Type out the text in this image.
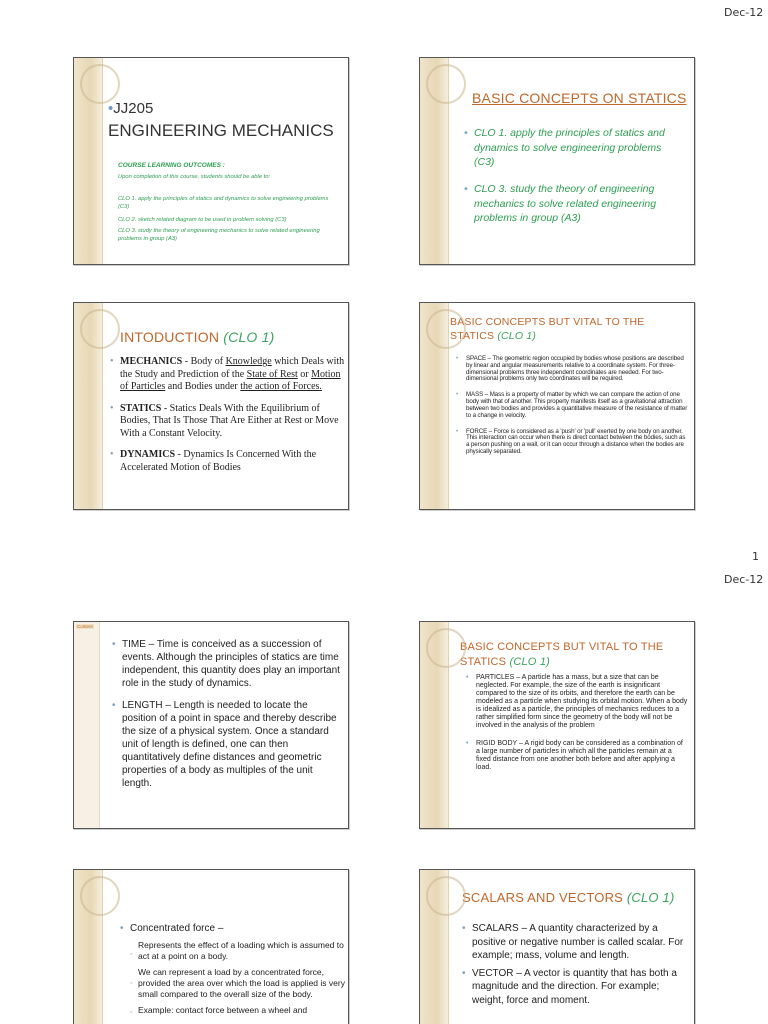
Dec-12
1
Dec-12
•JJ205
ENGINEERING MECHANICS
COURSE LEARNING OUTCOMES :
Upon completion of this course, students should be able to:
CLO 1. apply the principles of statics and dynamics to solve engineering problems (C3)
CLO 2. sketch related diagram to be used in problem solving (C3)
CLO 3. study the theory of engineering mechanics to solve related engineering problems in group (A3)
BASIC CONCEPTS ON STATICS
• CLO 1. apply the principles of statics and dynamics to solve engineering problems (C3)
• CLO 3. study the theory of engineering mechanics to solve related engineering problems in group (A3)
INTODUCTION (CLO 1)
• MECHANICS - Body of Knowledge which Deals with the Study and Prediction of the State of Rest or Motion of Particles and Bodies under the action of Forces.
• STATICS - Statics Deals With the Equilibrium of Bodies, That Is Those That Are Either at Rest or Move With a Constant Velocity.
• DYNAMICS - Dynamics Is Concerned With the Accelerated Motion of Bodies
BASIC CONCEPTS BUT VITAL TO THE STATICS (CLO 1)
• SPACE – The geometric region occupied by bodies whose positions are described by linear and angular measurements relative to a coordinate system. For three-dimensional problems three independent coordinates are needed. For two-dimensional problems only two coordinates will be required.
• MASS – Mass is a property of matter by which we can compare the action of one body with that of another. This property manifests itself as a gravitational attraction between two bodies and provides a quantitative measure of the resistance of matter to a change in velocity.
• FORCE – Force is considered as a 'push' or 'pull' exerted by one body on another. This interaction can occur when there is direct contact between the bodies, such as a person pushing on a wall, or it can occur through a distance when the bodies are physically separated.
Content
• TIME – Time is conceived as a succession of events. Although the principles of statics are time independent, this quantity does play an important role in the study of dynamics.
• LENGTH – Length is needed to locate the position of a point in space and thereby describe the size of a physical system. Once a standard unit of length is defined, one can then quantitatively define distances and geometric properties of a body as multiples of the unit length.
BASIC CONCEPTS BUT VITAL TO THE STATICS (CLO 1)
• PARTICLES – A particle has a mass, but a size that can be neglected. For example, the size of the earth is insignificant compared to the size of its orbits, and therefore the earth can be modeled as a particle when studying its orbital motion. When a body is idealized as a particle, the principles of mechanics reduces to a rather simplified form since the geometry of the body will not be involved in the analysis of the problem
• RIGID BODY – A rigid body can be considered as a combination of a large number of particles in which all the particles remain at a fixed distance from one another both before and after applying a load.
• Concentrated force –
Represents the effect of a loading which is assumed to act at a point on a body.
We can represent a load by a concentrated force, provided the area over which the load is applied is very small compared to the overall size of the body.
Example: contact force between a wheel and
◦
◦
◦
SCALARS AND VECTORS (CLO 1)
• SCALARS – A quantity characterized by a positive or negative number is called scalar. For example; mass, volume and length.
• VECTOR – A vector is quantity that has both a magnitude and the direction. For example; weight, force and moment.
